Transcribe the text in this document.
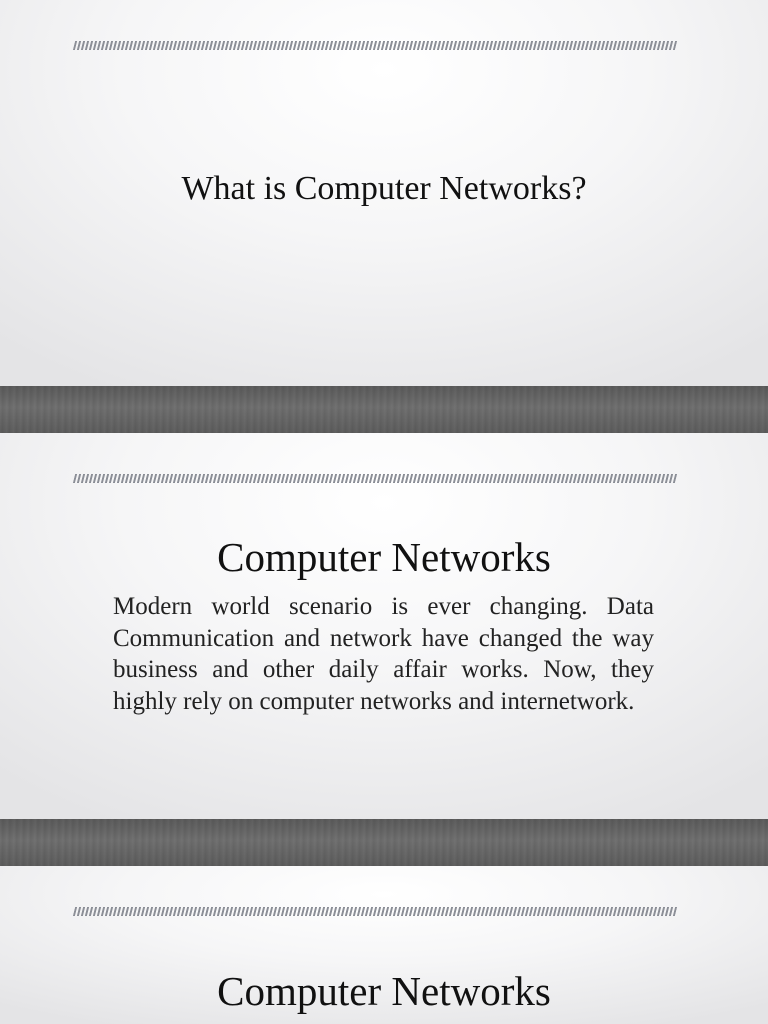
What is Computer Networks?
Computer Networks

Modern world scenario is ever changing. Data Communication and network have changed the way business and other daily affair works. Now, they highly rely on computer networks and internetwork.

Computer Networks
